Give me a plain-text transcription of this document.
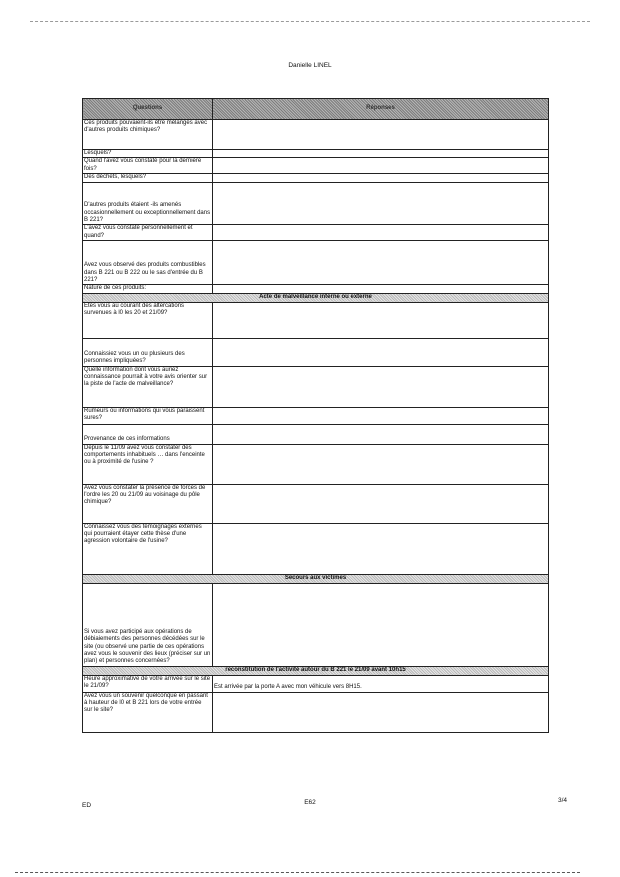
Danielle LINEL
Questions	Réponses
Ces produits pouvaient-ils être mélangés avec d'autres produits chimiques?	
Lesquels?	
Quand l'avez vous constaté pour la dernière fois?	
Des déchets, lesquels?	
D'autres produits étaient -ils amenés occasionnellement ou exceptionnellement dans B 221?	
L'avez vous constaté personnellement et quand?	
Avez vous observé des produits combustibles dans B 221 ou B 222 ou le sas d'entrée du B 221?	
Nature de ces produits:	
Acte de malveillance interne ou externe	
Êtes vous au courant des altercations survenues à l0 les 20 et 21/09?	
Connaissiez vous un ou plusieurs des personnes impliquées?	
Quelle information dont vous auriez connaissance pourrait à votre avis orienter sur la piste de l'acte de malveillance?	
Rumeurs ou informations qui vous paraissent sures?	
Provenance de ces informations	
Depuis le 11/09 avez vous constater des comportements inhabituels … dans l'enceinte ou à proximité de l'usine ?	
Avez vous constater la présence de forces de l'ordre les 20 ou 21/09 au voisinage du pôle chimique?	
Connaissez vous des témoignages externes qui pourraient étayer cette thèse d'une agression volontaire de l'usine?	
Secours aux victimes	
Si vous avez participé aux opérations de débiaiements des personnes décédées sur le site (ou observé une partie de ces opérations avez vous le souvenir des lieux (préciser sur un plan) et personnes concernées?	
reconstitution de l'activité autour du B 221 le 21/09 avant 10h15	
Heure approximative de votre arrivée sur le site le 21/09?	Est arrivée par la porte A avec mon véhicule vers 8H15.
Avez vous un souvenir quelconque en passant à hauteur de l0 et B 221 lors de votre entrée sur le site?	
ED	E62	3/4
